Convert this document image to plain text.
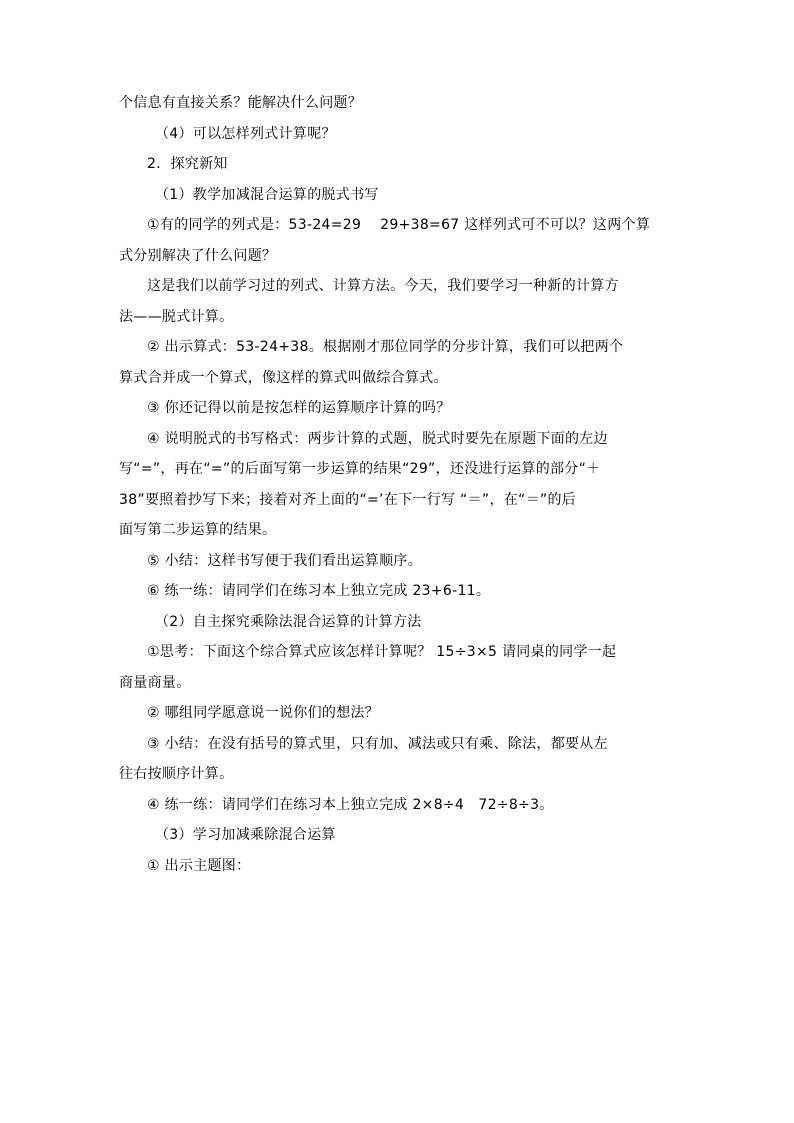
个信息有直接关系？能解决什么问题？
（4）可以怎样列式计算呢？
2．探究新知
（1）教学加减混合运算的脱式书写
①有的同学的列式是：53-24=29    29+38=67 这样列式可不可以？这两个算
式分别解决了什么问题？
这是我们以前学习过的列式、计算方法。今天，我们要学习一种新的计算方
法——脱式计算。
② 出示算式：53-24+38。根据刚才那位同学的分步计算，我们可以把两个
算式合并成一个算式，像这样的算式叫做综合算式。
③ 你还记得以前是按怎样的运算顺序计算的吗？
④ 说明脱式的书写格式：两步计算的式题，脱式时要先在原题下面的左边
写“=”，再在“=”的后面写第一步运算的结果“29”，还没进行运算的部分“＋
38”要照着抄写下来；接着对齐上面的“=’在下一行写 “＝”，在“＝”的后
面写第二步运算的结果。
⑤ 小结：这样书写便于我们看出运算顺序。
⑥ 练一练：请同学们在练习本上独立完成 23+6-11。
（2）自主探究乘除法混合运算的计算方法
①思考：下面这个综合算式应该怎样计算呢？ 15÷3×5 请同桌的同学一起
商量商量。
② 哪组同学愿意说一说你们的想法？
③ 小结：在没有括号的算式里，只有加、减法或只有乘、除法，都要从左
往右按顺序计算。
④ 练一练：请同学们在练习本上独立完成 2×8÷4   72÷8÷3。
（3）学习加减乘除混合运算
① 出示主题图：
